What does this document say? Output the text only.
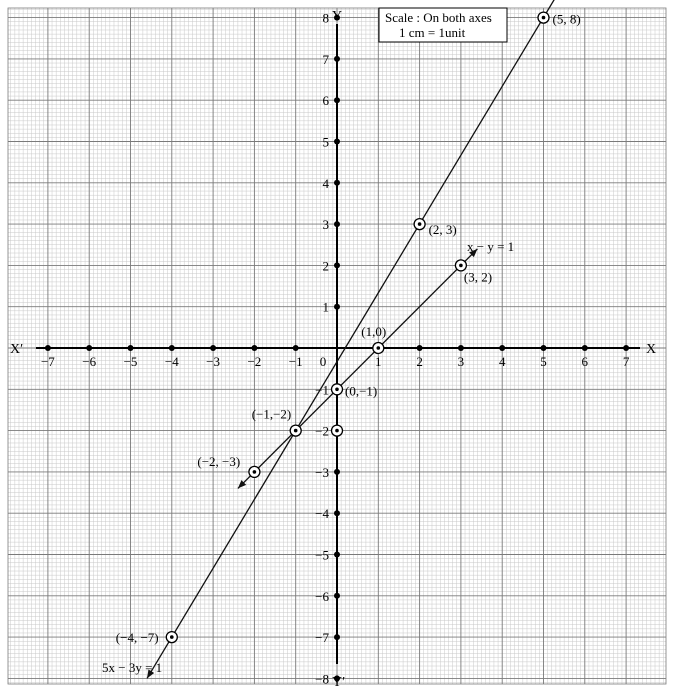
−7 −6 −5 −4 −3 −2 −1	1	2	3	4	5	6	7
−8
−7
−6
−5
−4
−3
−2
−1
1
2
3
4
5
6
7
8
0
X
X′
Y
Y′
(−2, −3)
(0,−1)
(1,0)
(3, 2)
(−4, −7)
(−1,−2)
(2, 3)
(5, 8)
x − y = 1
5x − 3y = 1
Scale : On both axes
1 cm = 1unit
